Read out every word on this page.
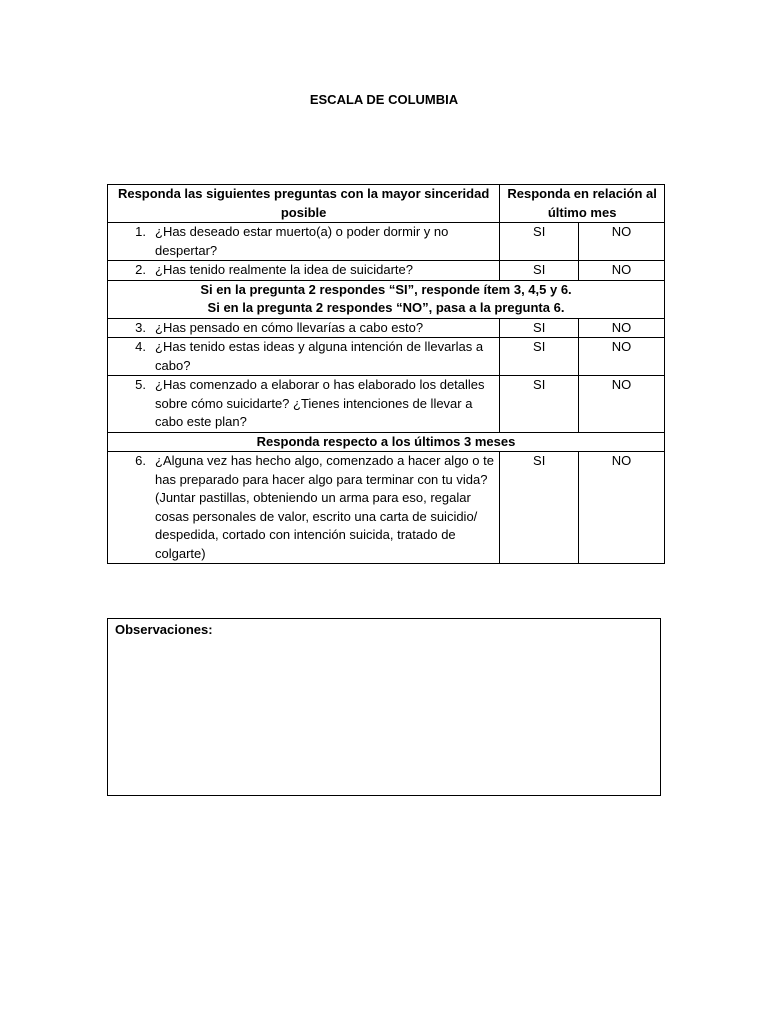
ESCALA DE COLUMBIA
Responda las siguientes preguntas con la mayor sinceridad posible	Responda en relación al último mes	

1. ¿Has deseado estar muerto(a) o poder dormir y no despertar?	SI	NO

2. ¿Has tenido realmente la idea de suicidarte?	SI	NO

Si en la pregunta 2 respondes “SI”, responde ítem 3, 4,5 y 6.
Si en la pregunta 2 respondes “NO”, pasa a la pregunta 6.		

3. ¿Has pensado en cómo llevarías a cabo esto?	SI	NO

4. ¿Has tenido estas ideas y alguna intención de llevarlas a cabo?	SI	NO

5. ¿Has comenzado a elaborar o has elaborado los detalles sobre cómo suicidarte? ¿Tienes intenciones de llevar a cabo este plan?	SI	NO
Responda respecto a los últimos 3 meses		

6. ¿Alguna vez has hecho algo, comenzado a hacer algo o te has preparado para hacer algo para terminar con tu vida?
(Juntar pastillas, obteniendo un arma para eso, regalar cosas personales de valor, escrito una carta de suicidio/ despedida, cortado con intención suicida, tratado de colgarte)	SI	NO
Observaciones:
